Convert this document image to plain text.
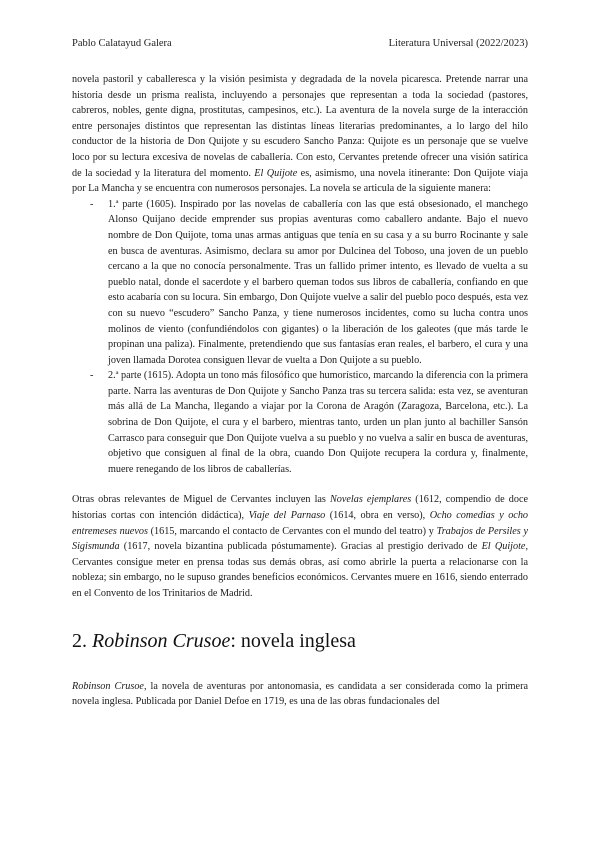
Pablo Calatayud Galera	Literatura Universal (2022/2023)

novela pastoril y caballeresca y la visión pesimista y degradada de la novela picaresca. Pretende narrar una historia desde un prisma realista, incluyendo a personajes que representan a toda la sociedad (pastores, cabreros, nobles, gente digna, prostitutas, campesinos, etc.). La aventura de la novela surge de la interacción entre personajes distintos que representan las distintas líneas literarias predominantes, a lo largo del hilo conductor de la historia de Don Quijote y su escudero Sancho Panza: Quijote es un personaje que se vuelve loco por su lectura excesiva de novelas de caballería. Con esto, Cervantes pretende ofrecer una visión satírica de la sociedad y la literatura del momento. El Quijote es, asimismo, una novela itinerante: Don Quijote viaja por La Mancha y se encuentra con numerosos personajes. La novela se articula de la siguiente manera:

- 1.ª parte (1605). Inspirado por las novelas de caballería con las que está obsesionado, el manchego Alonso Quijano decide emprender sus propias aventuras como caballero andante. Bajo el nuevo nombre de Don Quijote, toma unas armas antiguas que tenía en su casa y a su burro Rocinante y sale en busca de aventuras. Asimismo, declara su amor por Dulcinea del Toboso, una joven de un pueblo cercano a la que no conocía personalmente. Tras un fallido primer intento, es llevado de vuelta a su pueblo natal, donde el sacerdote y el barbero queman todos sus libros de caballería, confiando en que esto acabaría con su locura. Sin embargo, Don Quijote vuelve a salir del pueblo poco después, esta vez con su nuevo “escudero” Sancho Panza, y tiene numerosos incidentes, como su lucha contra unos molinos de viento (confundiéndolos con gigantes) o la liberación de los galeotes (que más tarde le propinan una paliza). Finalmente, pretendiendo que sus fantasías eran reales, el barbero, el cura y una joven llamada Dorotea consiguen llevar de vuelta a Don Quijote a su pueblo.
- 2.ª parte (1615). Adopta un tono más filosófico que humorístico, marcando la diferencia con la primera parte. Narra las aventuras de Don Quijote y Sancho Panza tras su tercera salida: esta vez, se aventuran más allá de La Mancha, llegando a viajar por la Corona de Aragón (Zaragoza, Barcelona, etc.). La sobrina de Don Quijote, el cura y el barbero, mientras tanto, urden un plan junto al bachiller Sansón Carrasco para conseguir que Don Quijote vuelva a su pueblo y no vuelva a salir en busca de aventuras, objetivo que consiguen al final de la obra, cuando Don Quijote recupera la cordura y, finalmente, muere renegando de los libros de caballerías.

Otras obras relevantes de Miguel de Cervantes incluyen las Novelas ejemplares (1612, compendio de doce historias cortas con intención didáctica), Viaje del Parnaso (1614, obra en verso), Ocho comedias y ocho entremeses nuevos (1615, marcando el contacto de Cervantes con el mundo del teatro) y Trabajos de Persiles y Sigismunda (1617, novela bizantina publicada póstumamente). Gracias al prestigio derivado de El Quijote, Cervantes consigue meter en prensa todas sus demás obras, así como abrirle la puerta a relacionarse con la nobleza; sin embargo, no le supuso grandes beneficios económicos. Cervantes muere en 1616, siendo enterrado en el Convento de los Trinitarios de Madrid.

2. Robinson Crusoe: novela inglesa

Robinson Crusoe, la novela de aventuras por antonomasia, es candidata a ser considerada como la primera novela inglesa. Publicada por Daniel Defoe en 1719, es una de las obras fundacionales del
